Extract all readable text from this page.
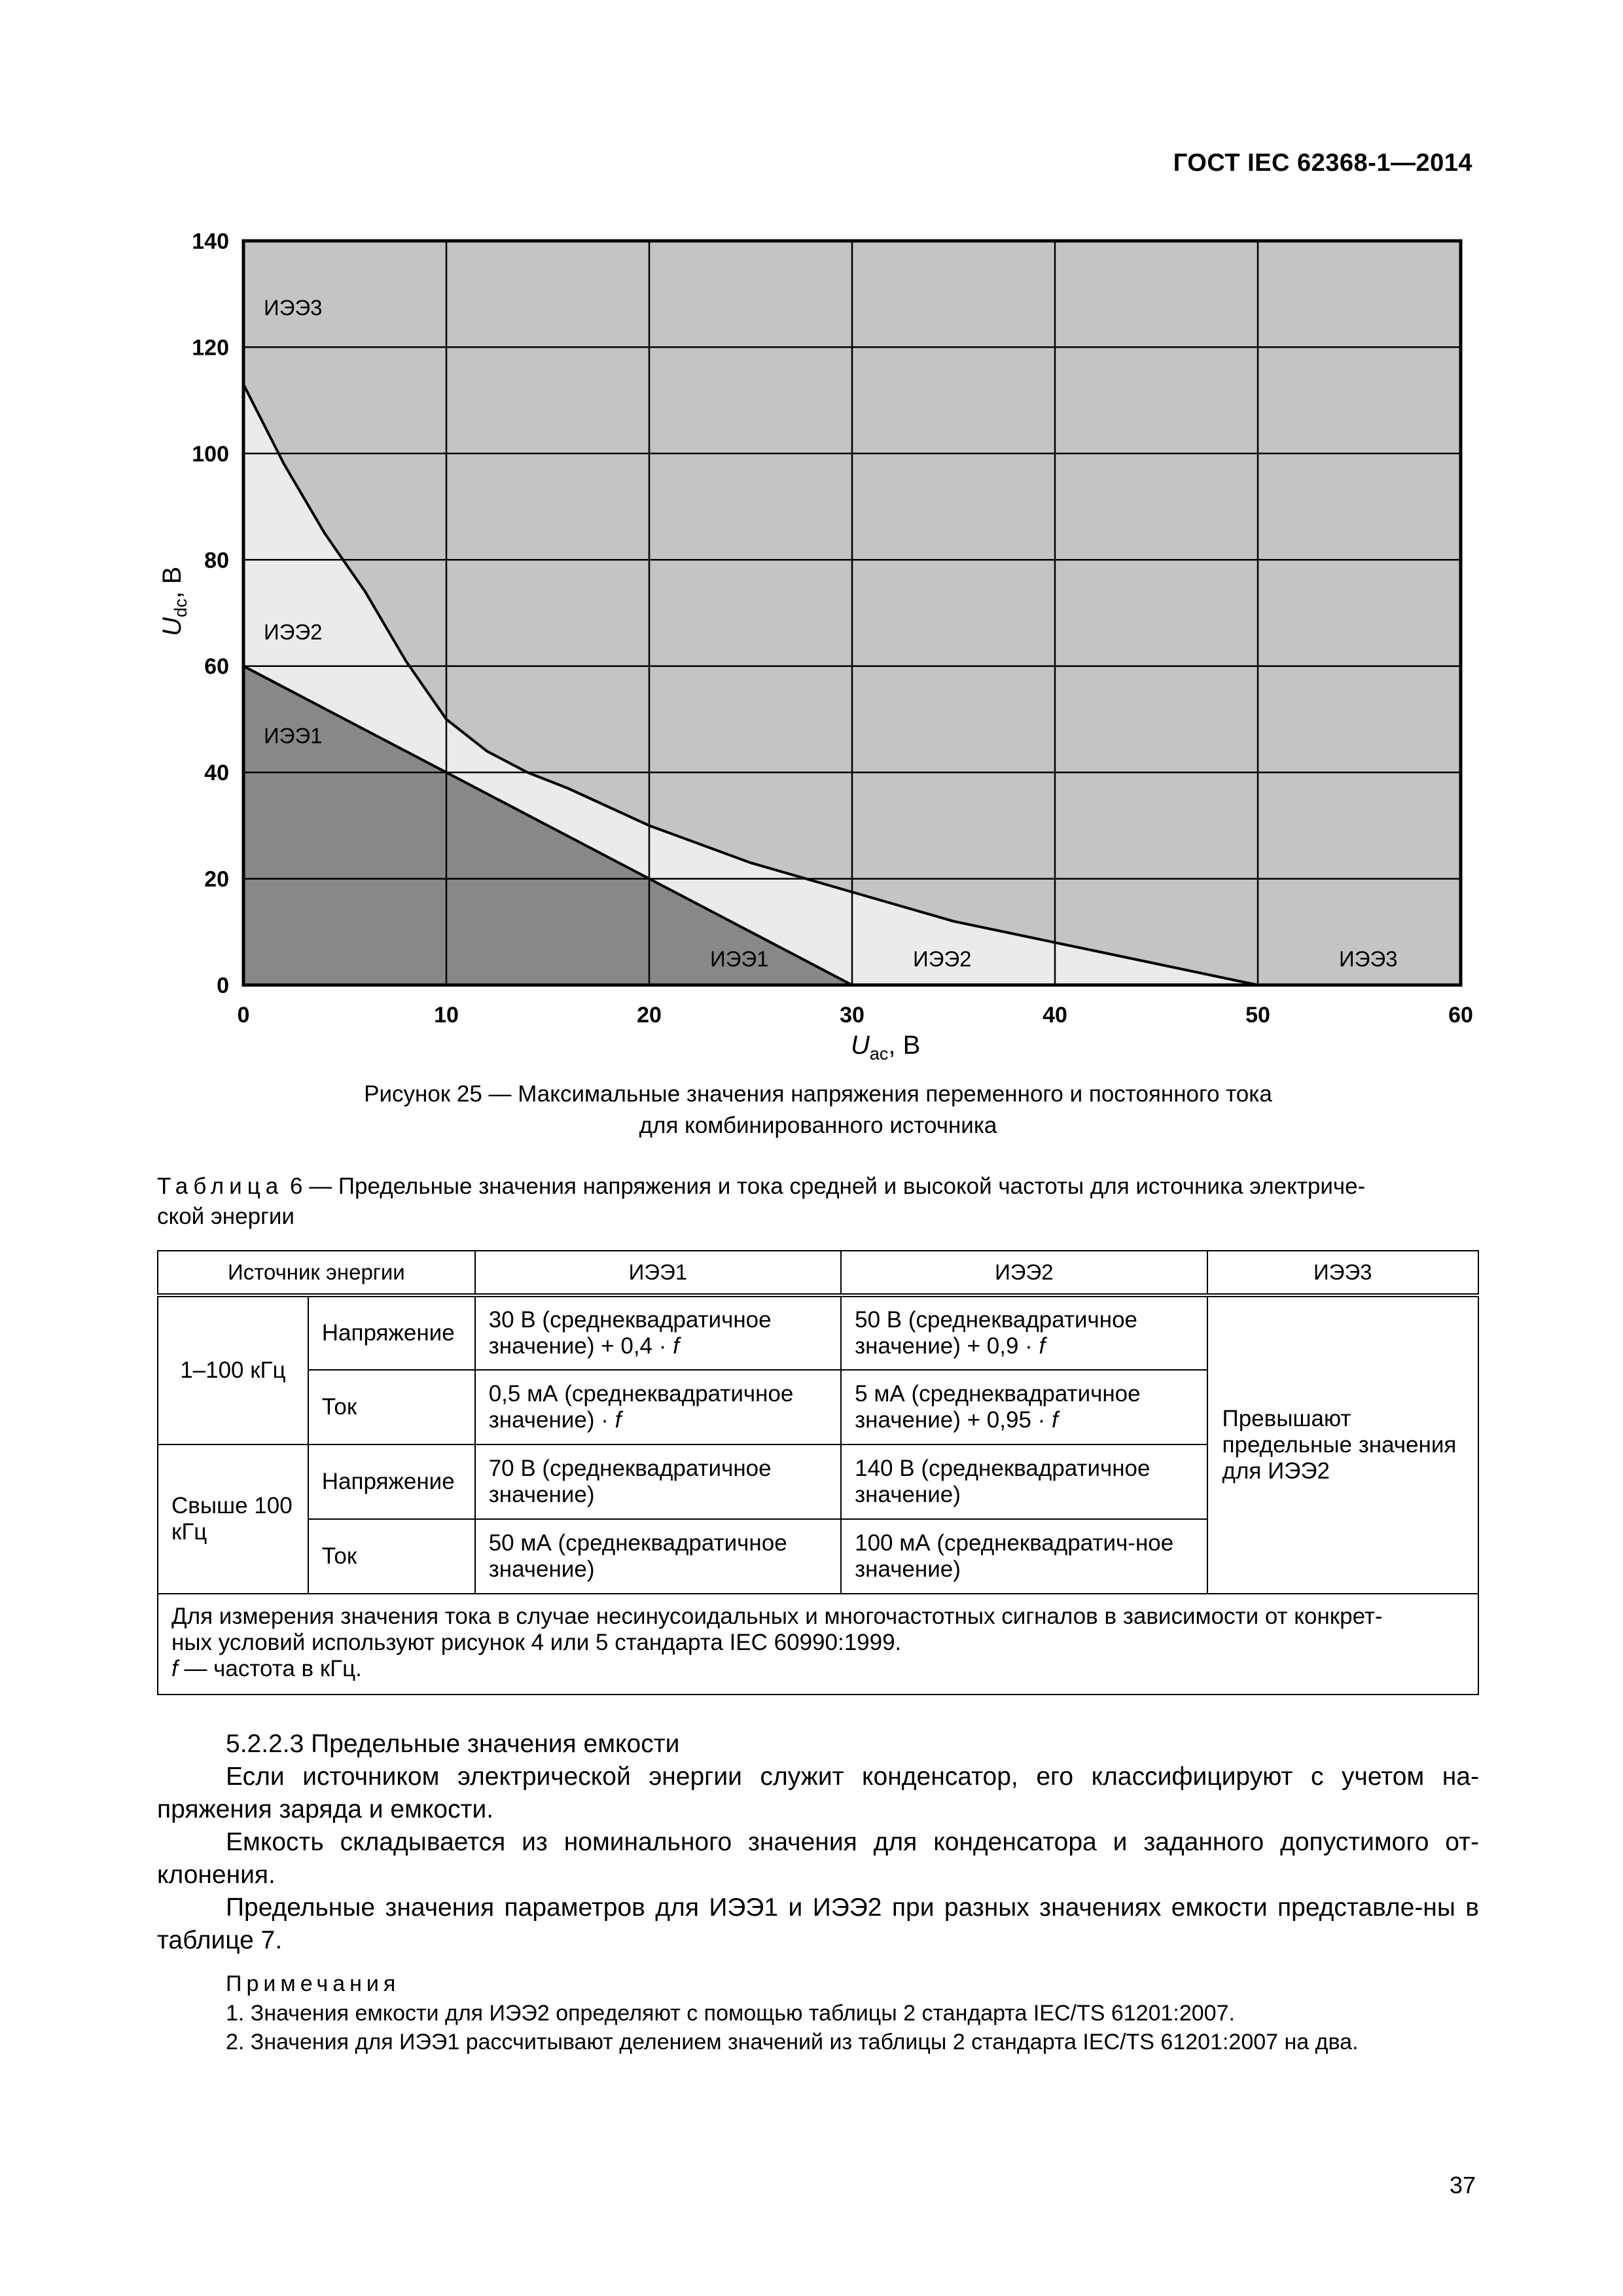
ГОСТ IEC 62368-1—2014
0	10	20	30	40	50	60
0
20
40
60
80
100
120
140
ИЭЭ3
ИЭЭ2
ИЭЭ1
ИЭЭ1	ИЭЭ2	ИЭЭ3
$U_{ac}$, В
$U_{dc}$, В
Рисунок 25 — Максимальные значения напряжения переменного и постоянного тока
для комбинированного источника
Таблица 6 — Предельные значения напряжения и тока средней и высокой частоты для источника электриче-
ской энергии
Источник энергии		ИЭЭ1	ИЭЭ2	ИЭЭ3
1–100 кГц	Напряжение	30 В (среднеквадратичное значение) + 0,4 · f	50 В (среднеквадратичное значение) + 0,9 · f	Превышают предельные значения для ИЭЭ2
	Ток	0,5 мА (среднеквадратичное значение) · f	5 мА (среднеквадратичное значение) + 0,95 · f	
Свыше 100 кГц	Напряжение	70 В (среднеквадратичное значение)	140 В (среднеквадратичное значение)	
	Ток	50 мА (среднеквадратичное значение)	100 мА (среднеквадратич-ное значение)	

Для измерения значения тока в случае несинусоидальных и многочастотных сигналов в зависимости от конкрет-
ных условий используют рисунок 4 или 5 стандарта IEC 60990:1999.
f — частота в кГц.				
5.2.2.3 Предельные значения емкости
Если источником электрической энергии служит конденсатор, его классифицируют с учетом на-пряжения заряда и емкости.
Емкость складывается из номинального значения для конденсатора и заданного допустимого от-клонения.
Предельные значения параметров для ИЭЭ1 и ИЭЭ2 при разных значениях емкости представле-ны в таблице 7.
Примечания
1. Значения емкости для ИЭЭ2 определяют с помощью таблицы 2 стандарта IEC/TS 61201:2007.
2. Значения для ИЭЭ1 рассчитывают делением значений из таблицы 2 стандарта IEC/TS 61201:2007 на два.
37
